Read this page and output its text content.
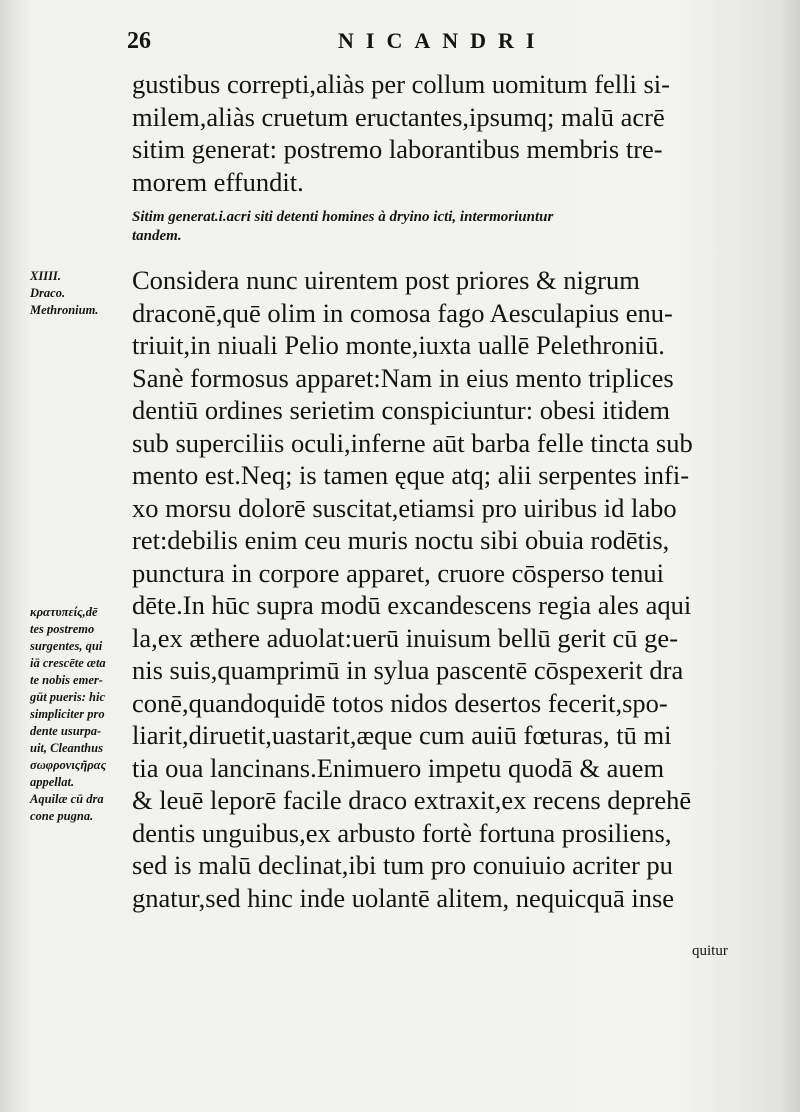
26	NICANDRI
XIIII.
Draco.
Methronium.
κρατυπείς,dē
tes postremo
surgentes, qui
iā crescēte æta
te nobis emer-
gūt pueris: hic
simpliciter pro
dente usurpa-
uit, Cleanthus
σωφρονιςῆρας
appellat.
Aquilæ cū dra
cone pugna.
gustibus correpti,aliàs per collum uomitum felli si-
milem,aliàs cruetum eructantes,ipsumq; malū acrē
sitim generat: postremo laborantibus membris tre-
morem effundit.
Sitim generat.i.acri siti detenti homines à dryino icti, intermoriuntur
tandem.
Considera nunc uirentem post priores & nigrum
draconē,quē olim in comosa fago Aesculapius enu-
triuit,in niuali Pelio monte,iuxta uallē Pelethroniū.
Sanè formosus apparet:Nam in eius mento triplices
dentiū ordines serietim conspiciuntur: obesi itidem
sub superciliis oculi,inferne aūt barba felle tincta sub
mento est.Neq; is tamen ęque atq; alii serpentes infi-
xo morsu dolorē suscitat,etiamsi pro uiribus id labo
ret:debilis enim ceu muris noctu sibi obuia rodētis,
punctura in corpore apparet, cruore cōsperso tenui
dēte.In hūc supra modū excandescens regia ales aqui
la,ex æthere aduolat:uerū inuisum bellū gerit cū ge-
nis suis,quamprimū in sylua pascentē cōspexerit dra
conē,quandoquidē totos nidos desertos fecerit,spo-
liarit,diruetit,uastarit,æque cum auiū fœturas, tū mi
tia oua lancinans.Enimuero impetu quodā & auem
& leuē leporē facile draco extraxit,ex recens deprehē
dentis unguibus,ex arbusto fortè fortuna prosiliens,
sed is malū declinat,ibi tum pro conuiuio acriter pu
gnatur,sed hinc inde uolantē alitem, nequicquā inse
quitur
